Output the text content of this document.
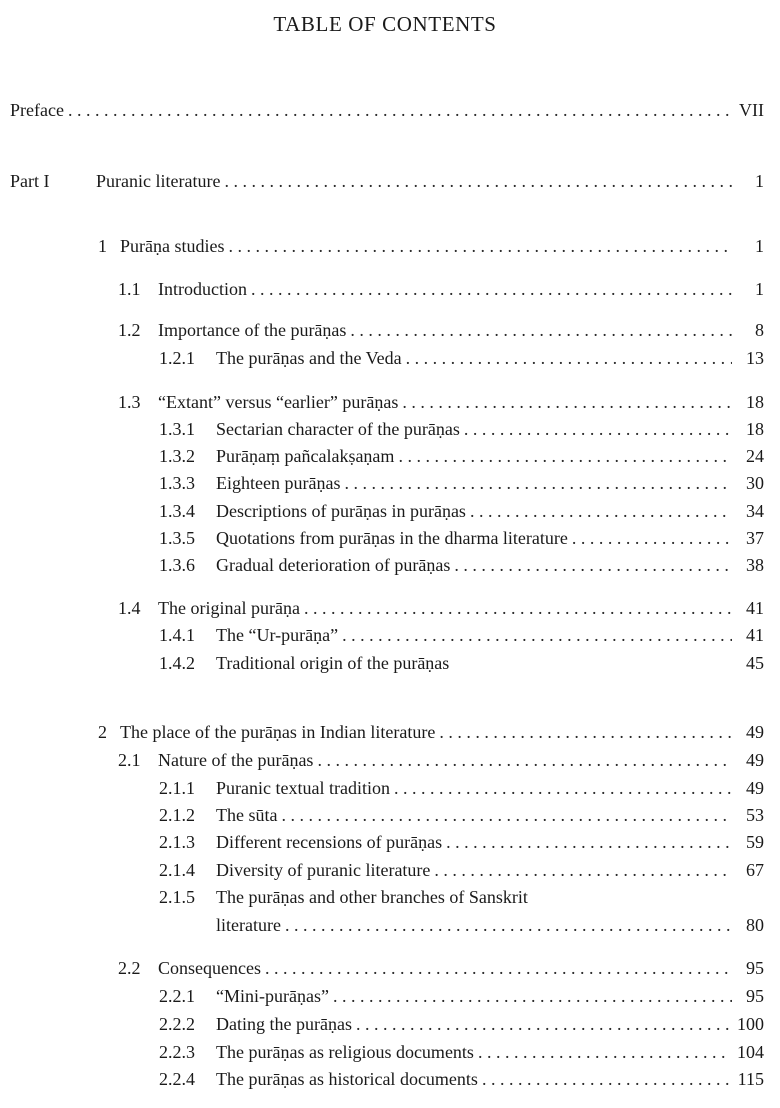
TABLE OF CONTENTS
Preface . . .	VII
Part I	Puranic literature . . .	1
1 Purāṇa studies . . .	1
1.1 Introduction . . .	1
1.2 Importance of the purāṇas . . .	8
1.2.1	The purāṇas and the Veda . . .	13
1.3 “Extant” versus “earlier” purāṇas . . .	18
1.3.1	Sectarian character of the purāṇas . . .	18
1.3.2	Purāṇaṃ pañcalakṣaṇam . . .	24
1.3.3	Eighteen purāṇas . . .	30
1.3.4	Descriptions of purāṇas in purāṇas . . .	34
1.3.5	Quotations from purāṇas in the dharma literature . . .	37
1.3.6	Gradual deterioration of purāṇas . . .	38
1.4 The original purāṇa . . .	41
1.4.1	The “Ur-purāṇa” . . .	41
1.4.2	Traditional origin of the purāṇas	45
2 The place of the purāṇas in Indian literature . . .	49
2.1 Nature of the purāṇas . . .	49
2.1.1	Puranic textual tradition . . .	49
2.1.2	The sūta . . .	53
2.1.3	Different recensions of purāṇas . . .	59
2.1.4	Diversity of puranic literature . . .	67
2.1.5	The purāṇas and other branches of Sanskrit
literature . . .	80
2.2 Consequences . . .	95
2.2.1	“Mini-purāṇas” . . .	95
2.2.2	Dating the purāṇas . . .	100
2.2.3	The purāṇas as religious documents . . .	104
2.2.4	The purāṇas as historical documents . . .	115
